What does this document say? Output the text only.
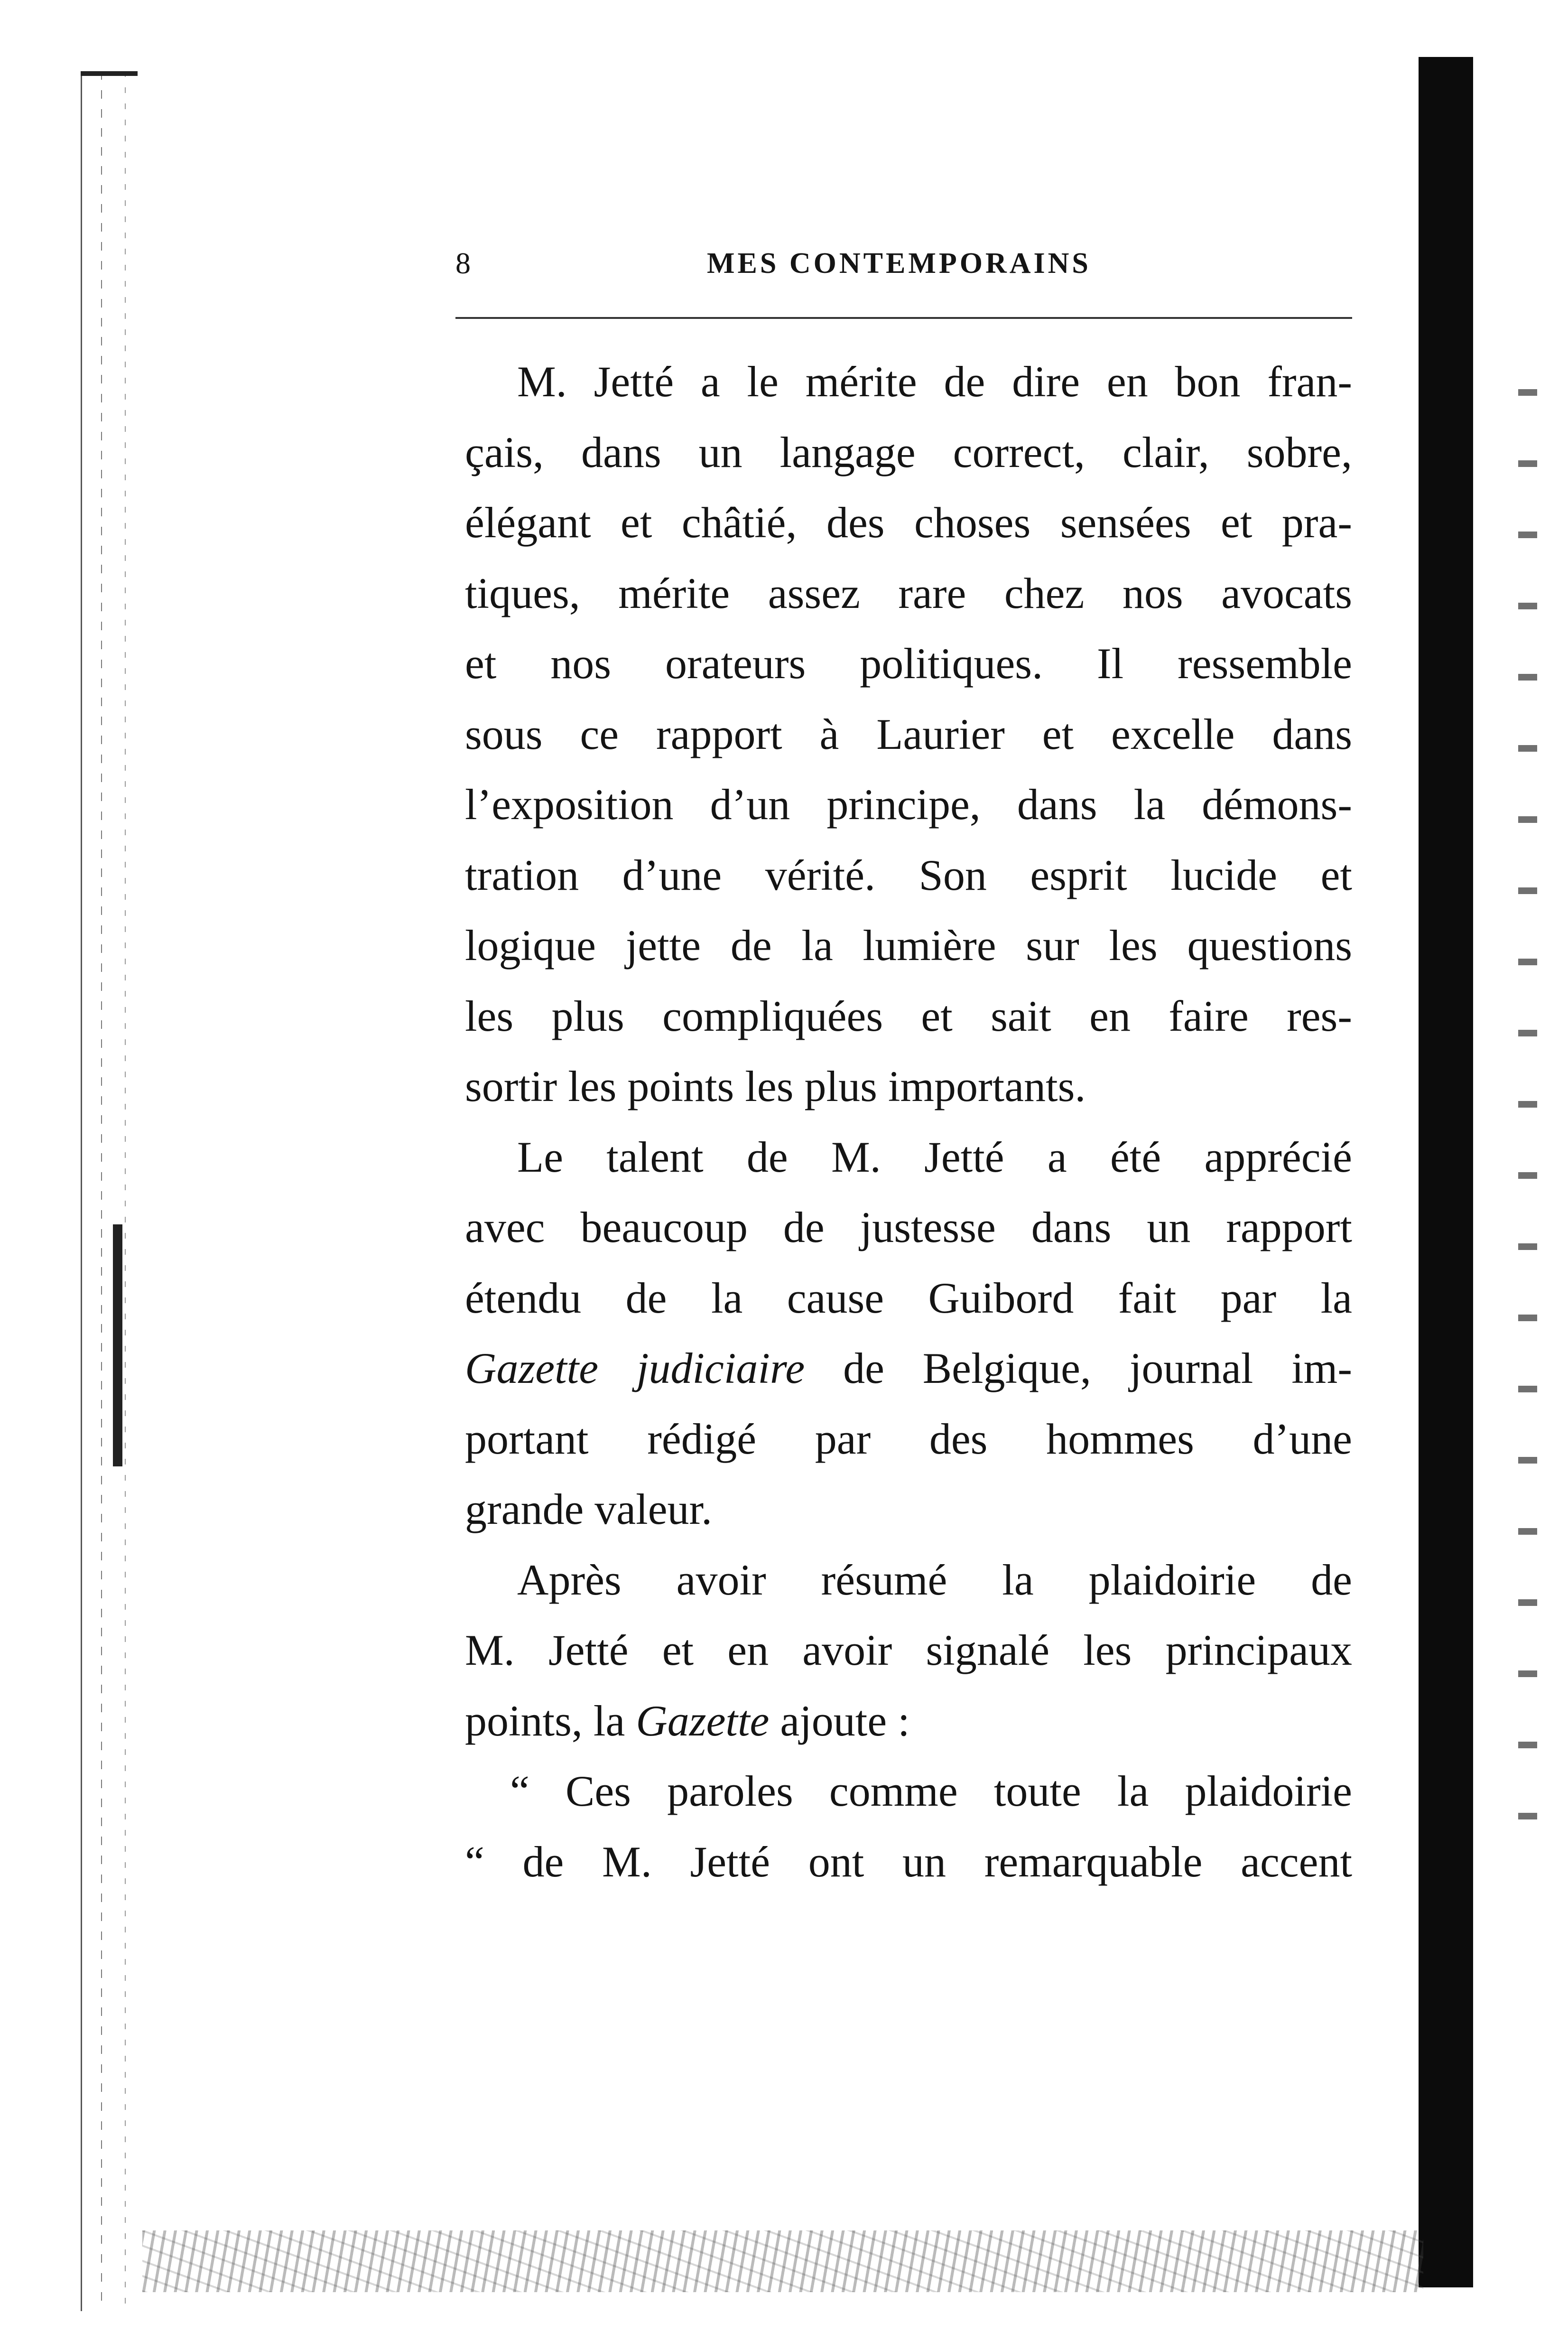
8	MES CONTEMPORAINS
M. Jetté a le mérite de dire en bon fran-
çais, dans un langage correct, clair, sobre,
élégant et châtié, des choses sensées et pra-
tiques, mérite assez rare chez nos avocats
et nos orateurs politiques. Il ressemble
sous ce rapport à Laurier et excelle dans
l’exposition d’un principe, dans la démons-
tration d’une vérité. Son esprit lucide et
logique jette de la lumière sur les questions
les plus compliquées et sait en faire res-
sortir les points les plus importants.
Le talent de M. Jetté a été apprécié
avec beaucoup de justesse dans un rapport
étendu de la cause Guibord fait par la
Gazette judiciaire de Belgique, journal im-
portant rédigé par des hommes d’une
grande valeur.
Après avoir résumé la plaidoirie de
M. Jetté et en avoir signalé les principaux
points, la Gazette ajoute :
“ Ces paroles comme toute la plaidoirie
“ de M. Jetté ont un remarquable accent
